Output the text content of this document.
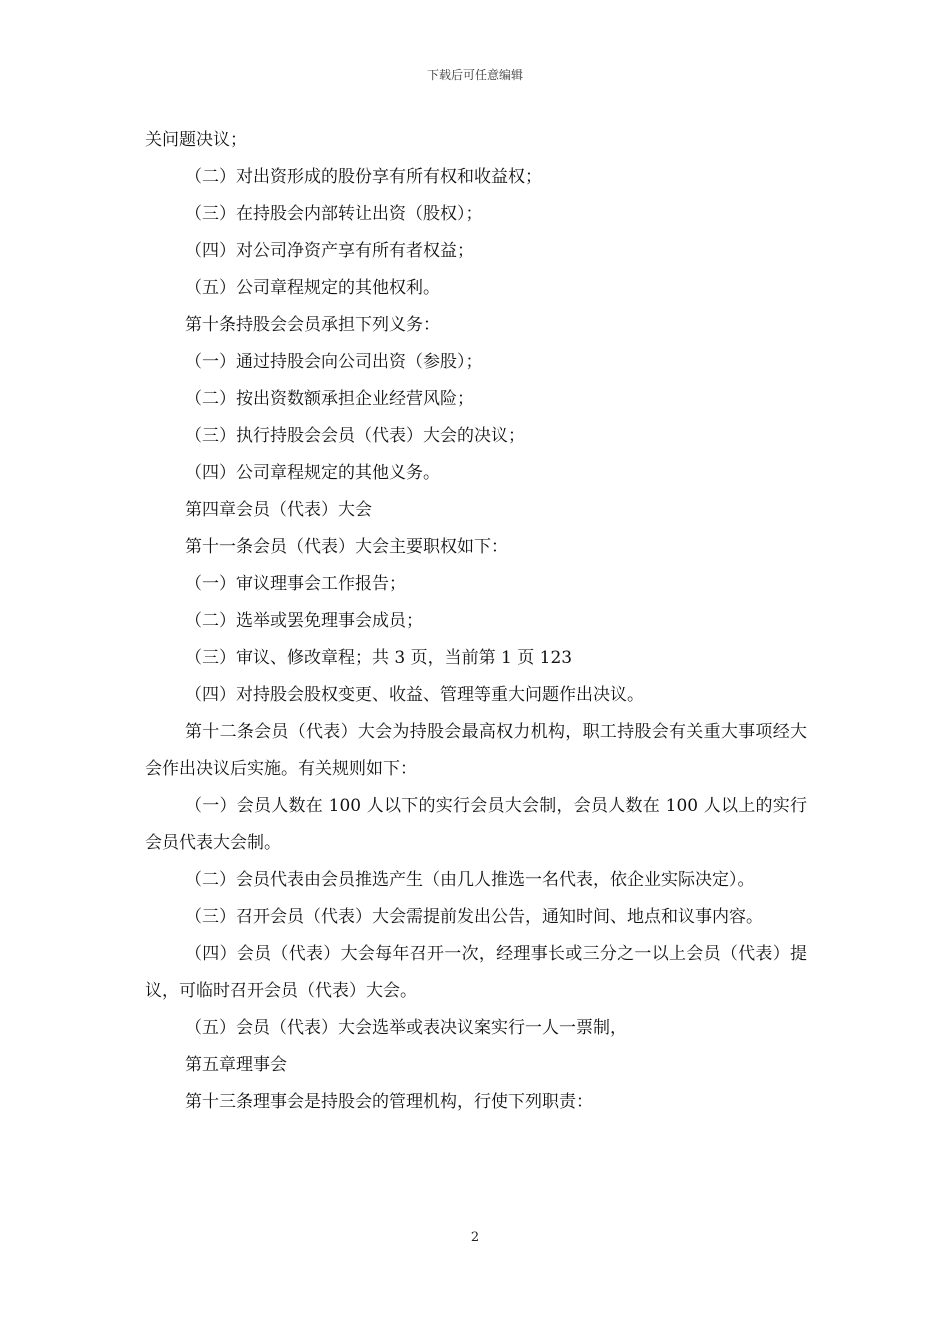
下载后可任意编辑
关问题决议；
（二）对出资形成的股份享有所有权和收益权；
（三）在持股会内部转让出资（股权）；
（四）对公司净资产享有所有者权益；
（五）公司章程规定的其他权利。
第十条持股会会员承担下列义务：
（一）通过持股会向公司出资（参股）；
（二）按出资数额承担企业经营风险；
（三）执行持股会会员（代表）大会的决议；
（四）公司章程规定的其他义务。
第四章会员（代表）大会
第十一条会员（代表）大会主要职权如下：
（一）审议理事会工作报告；
（二）选举或罢免理事会成员；
（三）审议、修改章程；共 3 页，当前第 1 页 123
（四）对持股会股权变更、收益、管理等重大问题作出决议。
第十二条会员（代表）大会为持股会最高权力机构，职工持股会有关重大事项经大会作出决议后实施。有关规则如下：
（一）会员人数在 100 人以下的实行会员大会制，会员人数在 100 人以上的实行会员代表大会制。
（二）会员代表由会员推选产生（由几人推选一名代表，依企业实际决定）。
（三）召开会员（代表）大会需提前发出公告，通知时间、地点和议事内容。
（四）会员（代表）大会每年召开一次，经理事长或三分之一以上会员（代表）提议，可临时召开会员（代表）大会。
（五）会员（代表）大会选举或表决议案实行一人一票制，
第五章理事会
第十三条理事会是持股会的管理机构，行使下列职责：
2
